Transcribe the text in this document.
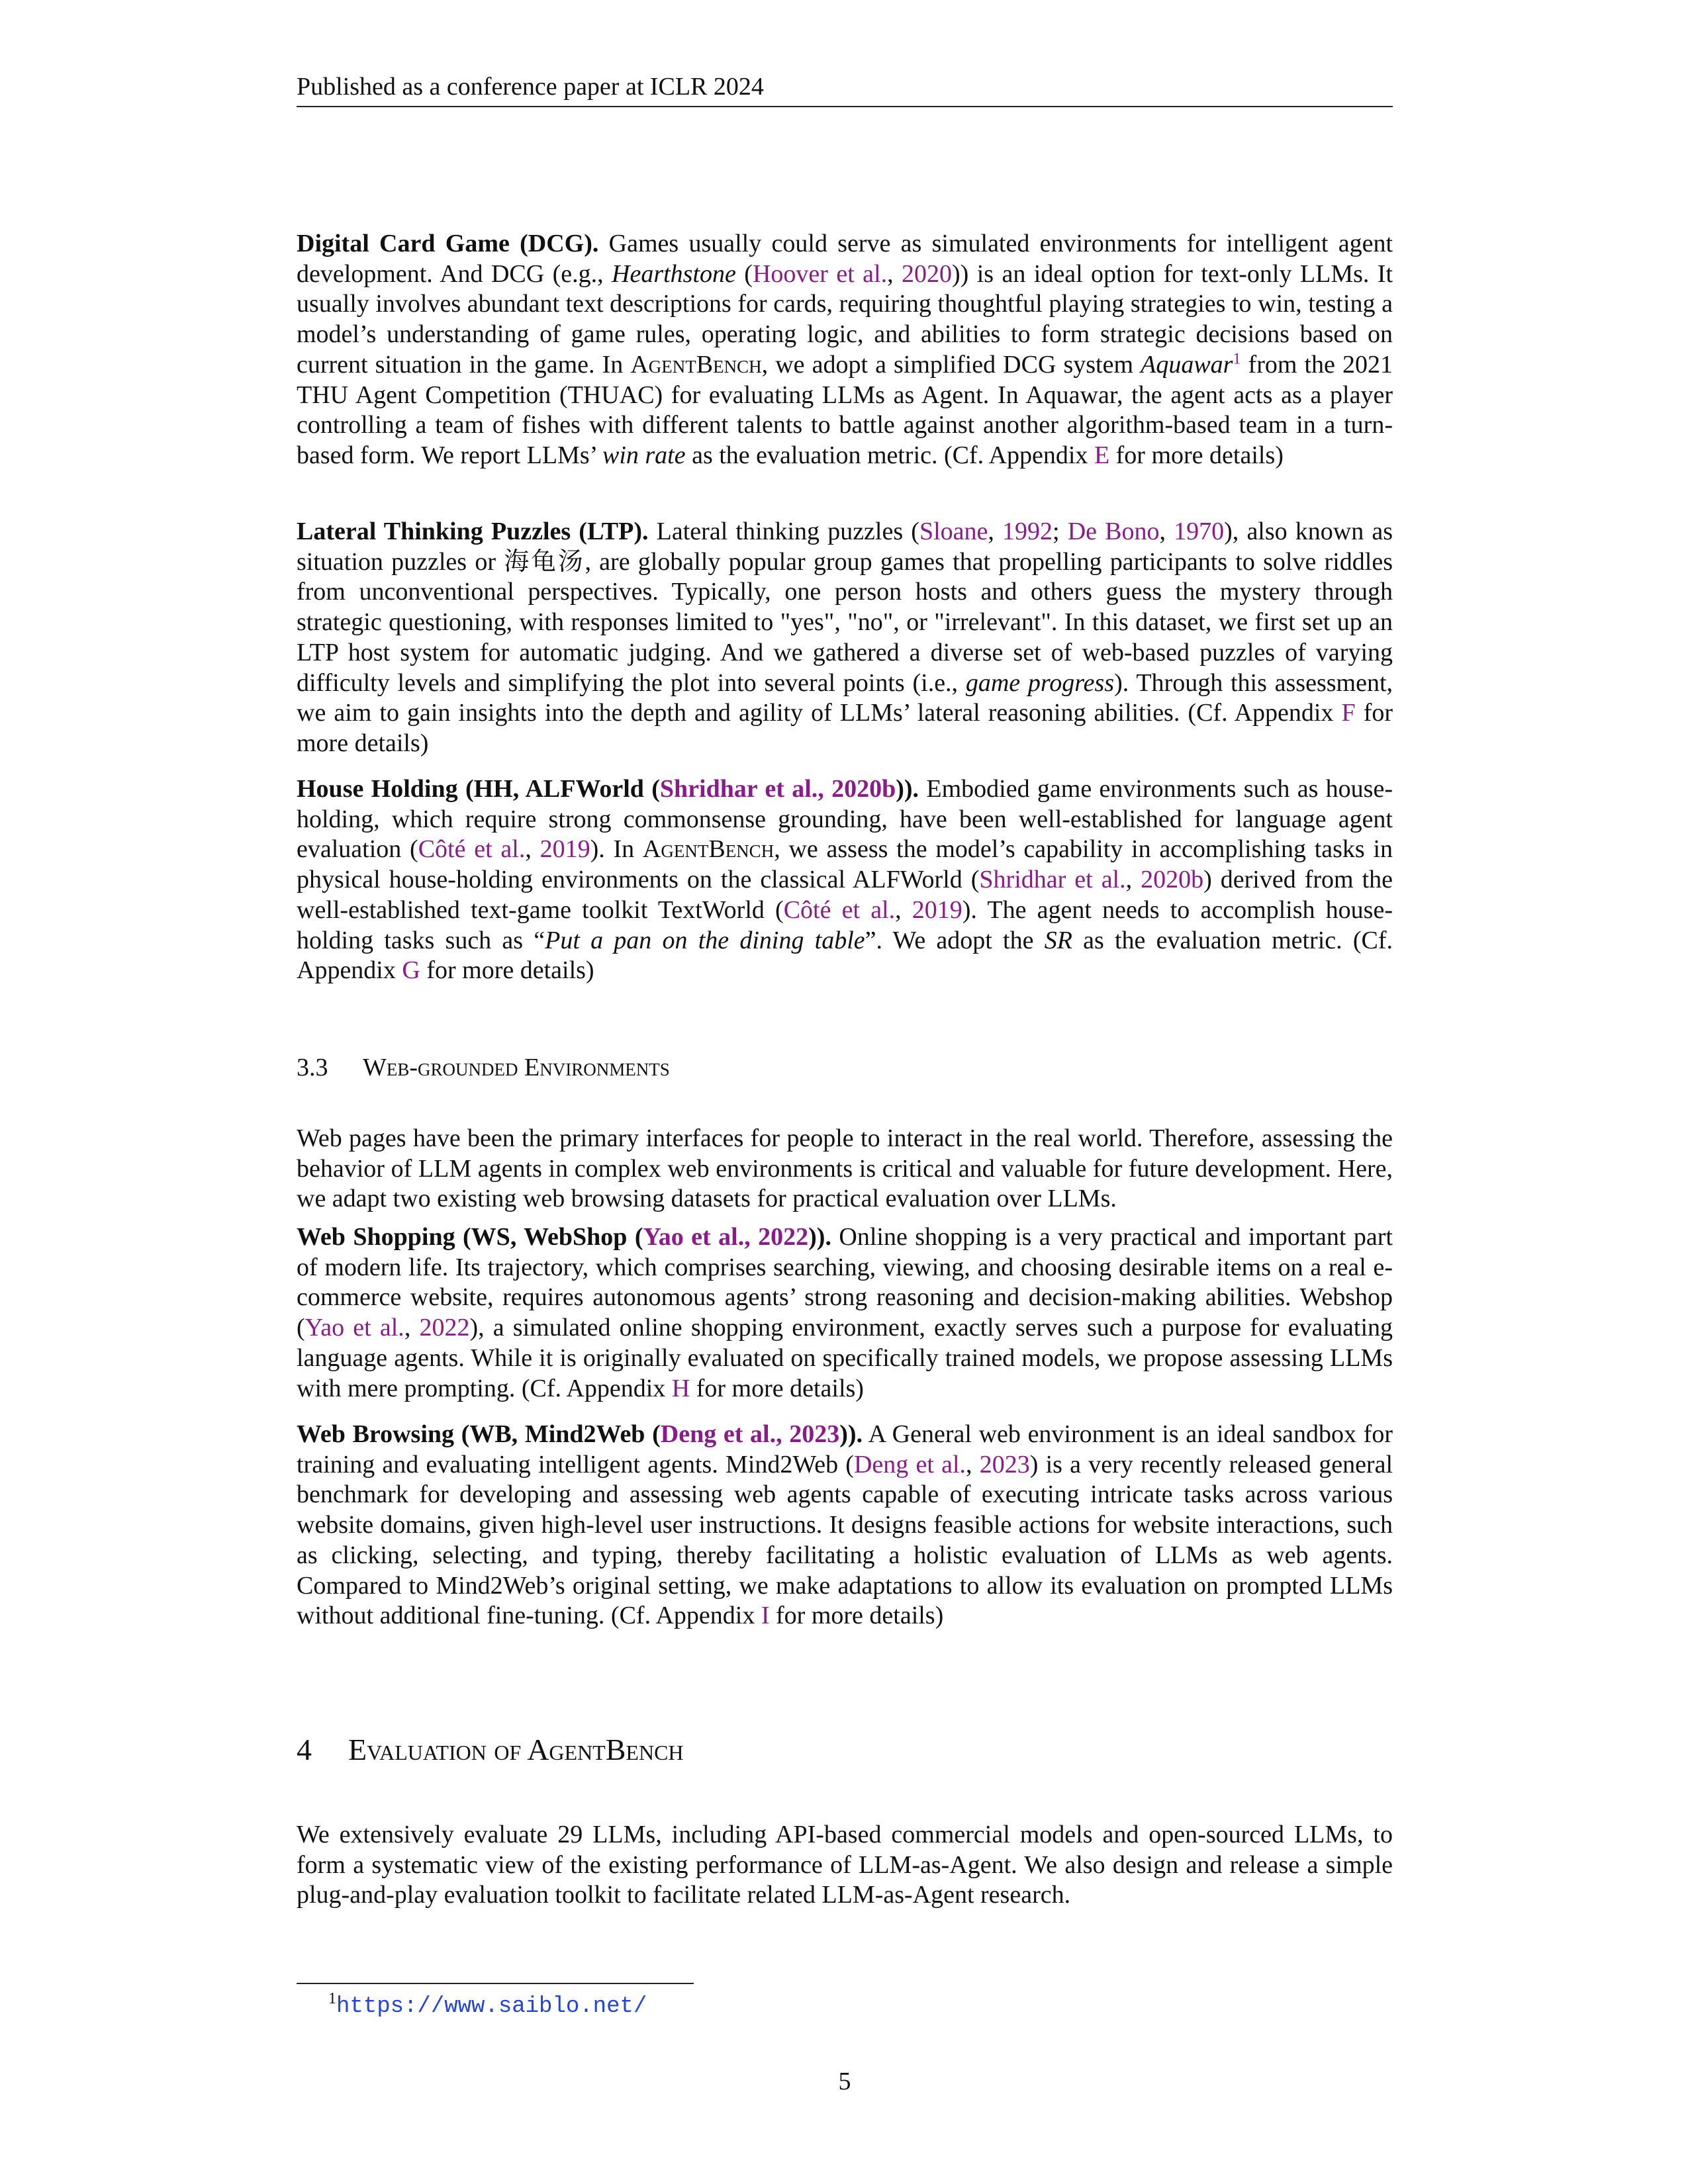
Published as a conference paper at ICLR 2024

Digital Card Game (DCG). Games usually could serve as simulated environments for intelligent agent development. And DCG (e.g., Hearthstone (Hoover et al., 2020)) is an ideal option for text-only LLMs. It usually involves abundant text descriptions for cards, requiring thoughtful playing strategies to win, testing a model’s understanding of game rules, operating logic, and abilities to form strategic decisions based on current situation in the game. In AgentBench, we adopt a simplified DCG system Aquawar$^1$ from the 2021 THU Agent Competition (THUAC) for evaluating LLMs as Agent. In Aquawar, the agent acts as a player controlling a team of fishes with different talents to battle against another algorithm-based team in a turn-based form. We report LLMs’ win rate as the evaluation metric. (Cf. Appendix E for more details)

Lateral Thinking Puzzles (LTP). Lateral thinking puzzles (Sloane, 1992; De Bono, 1970), also known as situation puzzles or 海龟汤, are globally popular group games that propelling participants to solve riddles from unconventional perspectives. Typically, one person hosts and others guess the mystery through strategic questioning, with responses limited to "yes", "no", or "irrelevant". In this dataset, we first set up an LTP host system for automatic judging. And we gathered a diverse set of web-based puzzles of varying difficulty levels and simplifying the plot into several points (i.e., game progress). Through this assessment, we aim to gain insights into the depth and agility of LLMs’ lateral reasoning abilities. (Cf. Appendix F for more details)

House Holding (HH, ALFWorld (Shridhar et al., 2020b)). Embodied game environments such as house-holding, which require strong commonsense grounding, have been well-established for language agent evaluation (Côté et al., 2019). In AgentBench, we assess the model’s capability in accomplishing tasks in physical house-holding environments on the classical ALFWorld (Shridhar et al., 2020b) derived from the well-established text-game toolkit TextWorld (Côté et al., 2019). The agent needs to accomplish house-holding tasks such as “Put a pan on the dining table”. We adopt the SR as the evaluation metric. (Cf. Appendix G for more details)

3.3 Web-grounded Environments

Web pages have been the primary interfaces for people to interact in the real world. Therefore, assessing the behavior of LLM agents in complex web environments is critical and valuable for future development. Here, we adapt two existing web browsing datasets for practical evaluation over LLMs.

Web Shopping (WS, WebShop (Yao et al., 2022)). Online shopping is a very practical and important part of modern life. Its trajectory, which comprises searching, viewing, and choosing desirable items on a real e-commerce website, requires autonomous agents’ strong reasoning and decision-making abilities. Webshop (Yao et al., 2022), a simulated online shopping environment, exactly serves such a purpose for evaluating language agents. While it is originally evaluated on specifically trained models, we propose assessing LLMs with mere prompting. (Cf. Appendix H for more details)

Web Browsing (WB, Mind2Web (Deng et al., 2023)). A General web environment is an ideal sandbox for training and evaluating intelligent agents. Mind2Web (Deng et al., 2023) is a very recently released general benchmark for developing and assessing web agents capable of executing intricate tasks across various website domains, given high-level user instructions. It designs feasible actions for website interactions, such as clicking, selecting, and typing, thereby facilitating a holistic evaluation of LLMs as web agents. Compared to Mind2Web’s original setting, we make adaptations to allow its evaluation on prompted LLMs without additional fine-tuning. (Cf. Appendix I for more details)

4 Evaluation of AgentBench

We extensively evaluate 29 LLMs, including API-based commercial models and open-sourced LLMs, to form a systematic view of the existing performance of LLM-as-Agent. We also design and release a simple plug-and-play evaluation toolkit to facilitate related LLM-as-Agent research.

$^1$https://www.saiblo.net/
5
